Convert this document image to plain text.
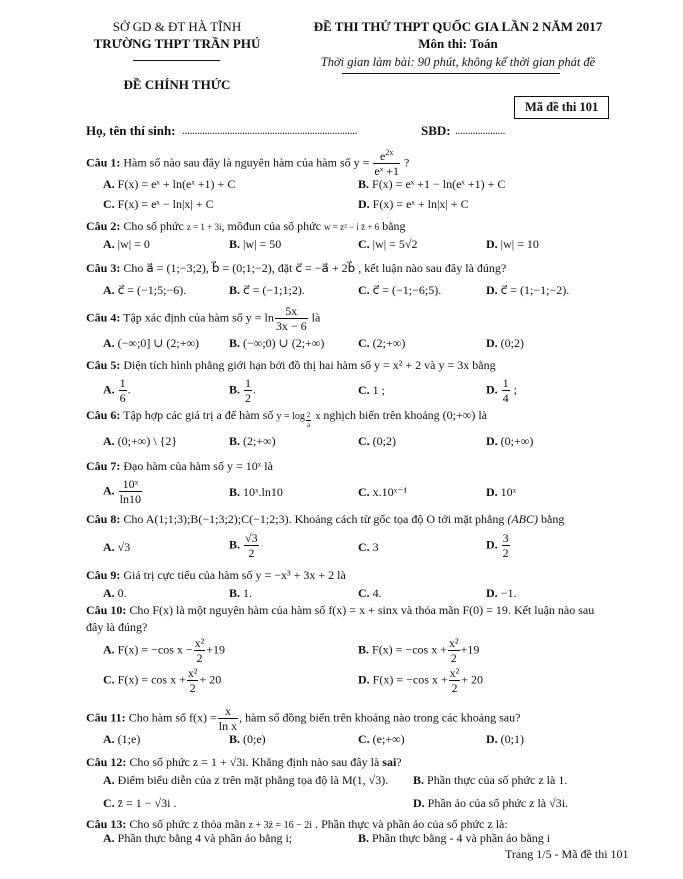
SỞ GD & ĐT HÀ TĨNH
TRƯỜNG THPT TRẦN PHÚ
ĐỀ CHÍNH THỨC
ĐỀ THI THỬ THPT QUỐC GIA LẦN 2 NĂM 2017
Môn thi: Toán
Thời gian làm bài: 90 phút, không kể thời gian phát đề
Mã đề thi 101
Họ, tên thí sinh: ......................................................................	SBD: ....................
Câu 1: Hàm số nào sau đây là nguyên hàm của hàm số $y = \frac{e^{2x}}{\text{eˣ +1}}$ ?
A. F(x) = eˣ + ln(eˣ +1) + C	B. F(x) = eˣ +1 − ln(eˣ +1) + C
C. F(x) = eˣ − ln|x| + C	D. F(x) = eˣ + ln|x| + C
Câu 2: Cho số phức z = 1 + 3i, môđun của số phức w = z² − i z̄ + 6 bằng
A. |w| = 0	B. |w| = 50	C. |w| = 5√2	D. |w| = 10
Câu 3: Cho a⃗ = (1;−3;2), b⃗ = (0;1;−2), đặt c⃗ = −a⃗ + 2b⃗ , kết luận nào sau đây là đúng?
A. c⃗ = (−1;5;−6).	B. c⃗ = (−1;1;2).	C. c⃗ = (−1;−6;5).	D. c⃗ = (1;−1;−2).
Câu 4: Tập xác định của hàm số $y = \ln \frac{5x}{3x - 6}$ là
A. (−∞;0] ∪ (2;+∞) B. (−∞;0) ∪ (2;+∞)	C. (2;+∞)	D. (0;2)
Câu 5: Diện tích hình phẳng giới hạn bởi đồ thị hai hàm số y = x² + 2 và y = 3x bằng
A. $\frac{1}{6}$ .	B. $\frac{1}{2}$ .	C. 1 ;	D. $\frac{1}{4}$ ;
Câu 6: Tập hợp các giá trị a để hàm số $y = \log \frac{2}{a}$ x nghịch biến trên khoảng (0;+∞) là
A. (0;+∞) \ {2}	B. (2;+∞)	C. (0;2)	D. (0;+∞)
Câu 7: Đạo hàm của hàm số y = 10ˣ là
A. $\frac{\text{10ˣ}}{\ln 10}$	B. 10ˣ.ln10	C. x.10ˣ⁻¹	D. 10ˣ
Câu 8: Cho A(1;1;3);B(−1;3;2);C(−1;2;3). Khoảng cách từ gốc tọa độ O tới mặt phẳng (ABC) bằng
A. √3	B. $\frac{√3}{2}$	C. 3	D. $\frac{3}{2}$
Câu 9: Giá trị cực tiểu của hàm số y = −x³ + 3x + 2 là
A. 0.	B. 1.	C. 4.	D. −1.
Câu 10: Cho F(x) là một nguyên hàm của hàm số f(x) = x + sinx và thỏa mãn F(0) = 19. Kết luận nào sau
đây là đúng?
A. F(x) = −cos $x - \frac{\text{x²}}{2} +19$	B. F(x) = −cos $x + \frac{\text{x²}}{2} +19$
C. $F(x) = \cos x + \frac{\text{x²}}{2} + 20$	D. F(x) = −cos $x + \frac{\text{x²}}{2} + 20$
Câu 11: Cho hàm số $f(x) = \frac{x}{\text{ln x}}$ , hàm số đồng biến trên khoảng nào trong các khoảng sau?
A. (1;e)	B. (0;e)	C. (e;+∞)	D. (0;1)
Câu 12: Cho số phức z = 1 + √3i. Khẳng định nào sau đây là sai?
A. Điểm biểu diễn của z trên mặt phẳng tọa độ là M(1, √3). B. Phần thực của số phức z là 1.
C. z̄ = 1 − √3i .	D. Phần ảo của số phức z là √3i.
Câu 13: Cho số phức z thỏa mãn z + 3z̄ = 16 − 2i . Phần thực và phần ảo của số phức z là:
A. Phần thực bằng 4 và phần ảo bằng i;	B. Phần thực bằng - 4 và phần ảo bằng i
Trang 1/5 - Mã đề thi 101
